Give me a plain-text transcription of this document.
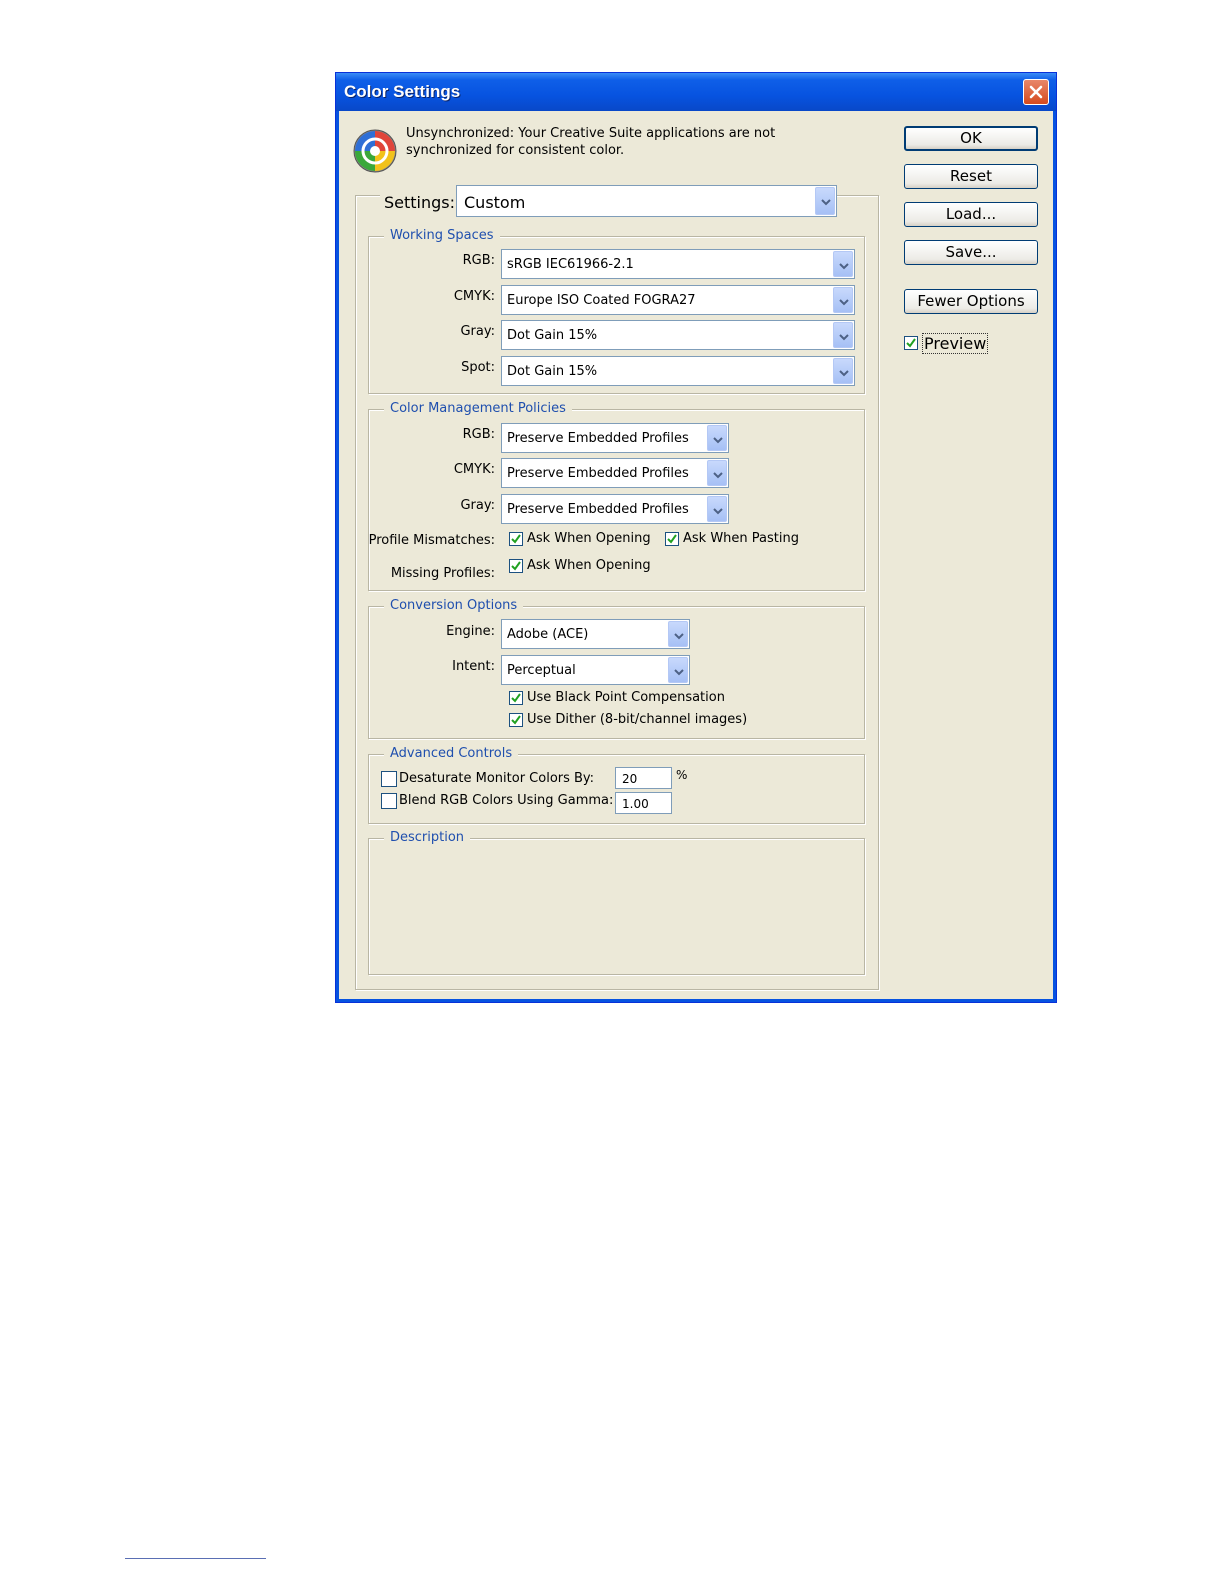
Color Settings
Unsynchronized: Your Creative Suite applications are not
synchronized for consistent color.
Settings: Custom
Working Spaces
RGB: sRGB IEC61966-2.1
CMYK: Europe ISO Coated FOGRA27
Gray: Dot Gain 15%
Spot: Dot Gain 15%
Color Management Policies
RGB: Preserve Embedded Profiles
CMYK: Preserve Embedded Profiles
Gray: Preserve Embedded Profiles
Profile Mismatches: Ask When Opening Ask When Pasting
Missing Profiles:
Ask When Opening
Conversion Options
Engine: Adobe (ACE)
Intent: Perceptual
Use Black Point Compensation
Use Dither (8-bit/channel images)
Advanced Controls
Desaturate Monitor Colors By:	20	%
Blend RGB Colors Using Gamma: 1.00
Description
OK
Reset
Load...
Save...
Fewer Options
Preview
